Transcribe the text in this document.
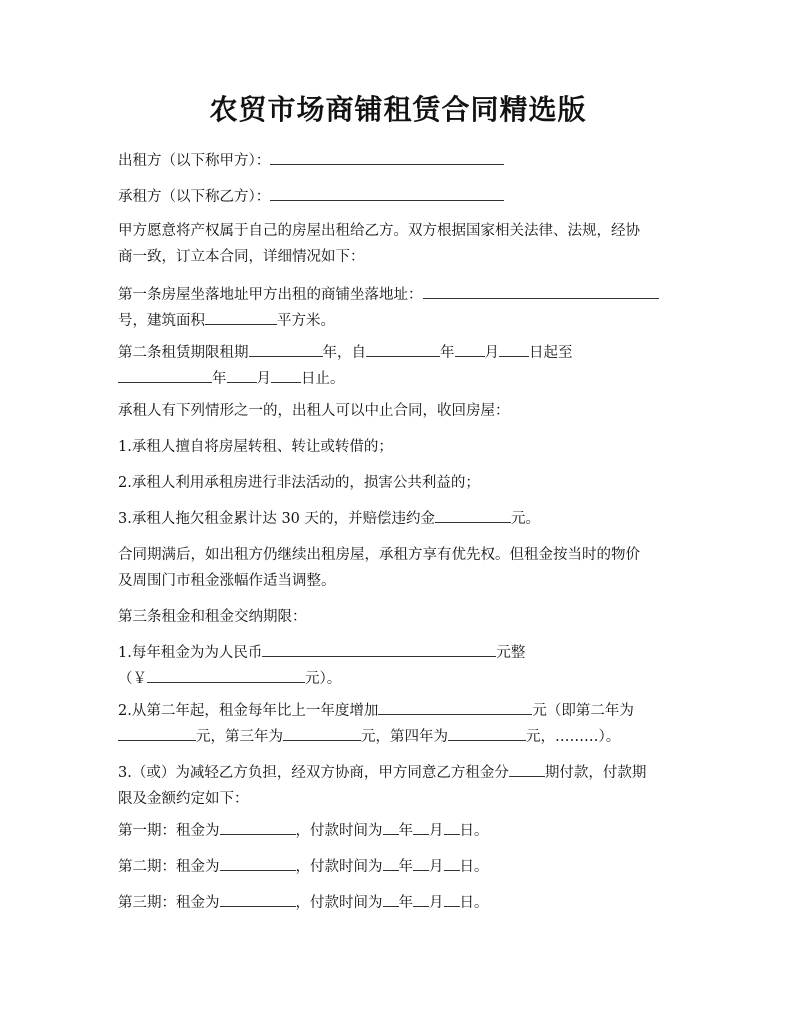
农贸市场商铺租赁合同精选版
出租方（以下称甲方）：
承租方（以下称乙方）：
甲方愿意将产权属于自己的房屋出租给乙方。双方根据国家相关法律、法规，经协
商一致，订立本合同，详细情况如下：
第一条房屋坐落地址甲方出租的商铺坐落地址：
号，建筑面积	平方米。
第二条租赁期限租期	年，自	年 月 日起至
年 月 日止。
承租人有下列情形之一的，出租人可以中止合同，收回房屋：
1.承租人擅自将房屋转租、转让或转借的；
2.承租人利用承租房进行非法活动的，损害公共利益的；
3.承租人拖欠租金累计达 30 天的，并赔偿违约金	元。
合同期满后，如出租方仍继续出租房屋，承租方享有优先权。但租金按当时的物价
及周围门市租金涨幅作适当调整。
第三条租金和租金交纳期限：
1.每年租金为为人民币	元整
（￥	元）。
2.从第二年起，租金每年比上一年度增加	元（即第二年为
元，第三年为	元，第四年为	元，………）。
3.（或）为减轻乙方负担，经双方协商，甲方同意乙方租金分 期付款，付款期
限及金额约定如下：
第一期：租金为	，付款时间为 年 月 日。
第二期：租金为	，付款时间为 年 月 日。
第三期：租金为	，付款时间为 年 月 日。
